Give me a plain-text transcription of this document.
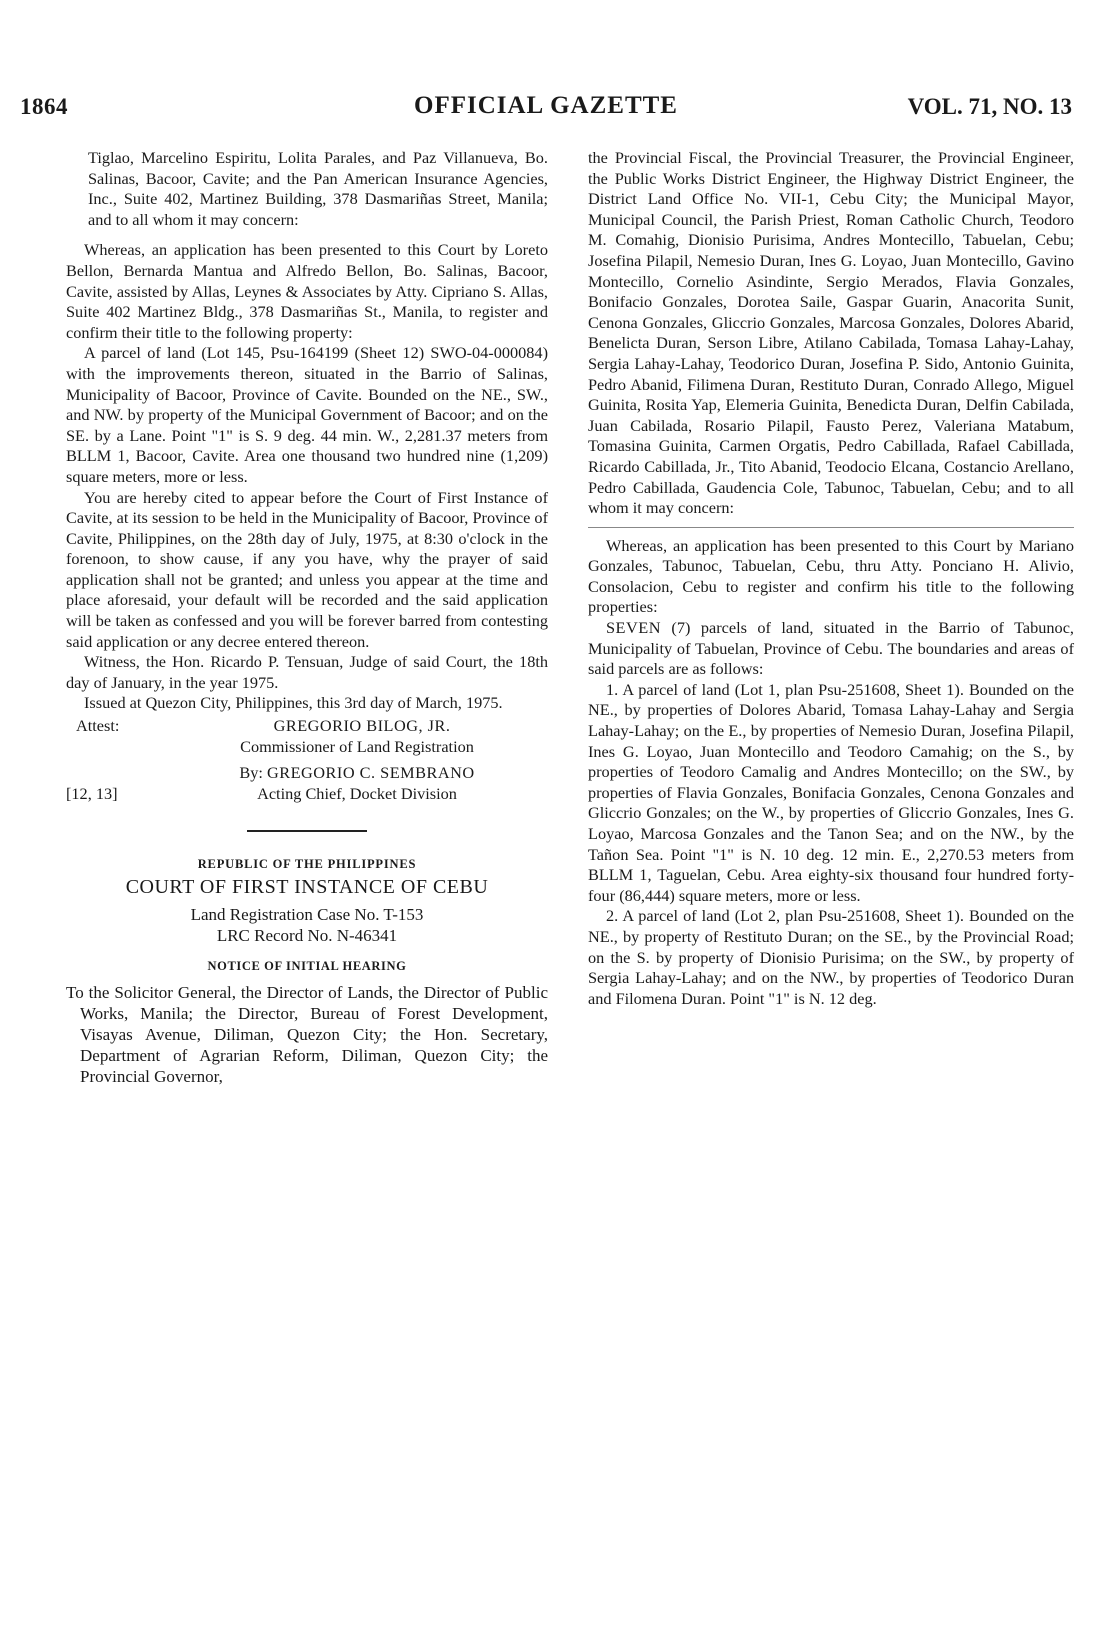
1864	OFFICIAL GAZETTE	VOL. 71, NO. 13

Tiglao, Marcelino Espiritu, Lolita Parales, and Paz Villanueva, Bo. Salinas, Bacoor, Cavite; and the Pan American Insurance Agencies, Inc., Suite 402, Martinez Building, 378 Dasmariñas Street, Manila; and to all whom it may concern:

Whereas, an application has been presented to this Court by Loreto Bellon, Bernarda Mantua and Alfredo Bellon, Bo. Salinas, Bacoor, Cavite, assisted by Allas, Leynes & Associates by Atty. Cipriano S. Allas, Suite 402 Martinez Bldg., 378 Dasmariñas St., Manila, to register and confirm their title to the following property:

A parcel of land (Lot 145, Psu-164199 (Sheet 12) SWO-04-000084) with the improvements thereon, situated in the Barrio of Salinas, Municipality of Bacoor, Province of Cavite. Bounded on the NE., SW., and NW. by property of the Municipal Government of Bacoor; and on the SE. by a Lane. Point "1" is S. 9 deg. 44 min. W., 2,281.37 meters from BLLM 1, Bacoor, Cavite. Area one thousand two hundred nine (1,209) square meters, more or less.

You are hereby cited to appear before the Court of First Instance of Cavite, at its session to be held in the Municipality of Bacoor, Province of Cavite, Philippines, on the 28th day of July, 1975, at 8:30 o'clock in the forenoon, to show cause, if any you have, why the prayer of said application shall not be granted; and unless you appear at the time and place aforesaid, your default will be recorded and the said application will be taken as confessed and you will be forever barred from contesting said application or any decree entered thereon.

Witness, the Hon. Ricardo P. Tensuan, Judge of said Court, the 18th day of January, in the year 1975.

Issued at Quezon City, Philippines, this 3rd day of March, 1975.

Attest:	GREGORIO BILOG, JR.
Commissioner of Land Registration
By: GREGORIO C. SEMBRANO
[12, 13]	Acting Chief, Docket Division
REPUBLIC OF THE PHILIPPINES
COURT OF FIRST INSTANCE OF CEBU
Land Registration Case No. T-153
LRC Record No. N-46341
NOTICE OF INITIAL HEARING

To the Solicitor General, the Director of Lands, the Director of Public Works, Manila; the Director, Bureau of Forest Development, Visayas Avenue, Diliman, Quezon City; the Hon. Secretary, Department of Agrarian Reform, Diliman, Quezon City; the Provincial Governor,

the Provincial Fiscal, the Provincial Treasurer, the Provincial Engineer, the Public Works District Engineer, the Highway District Engineer, the District Land Office No. VII-1, Cebu City; the Municipal Mayor, Municipal Council, the Parish Priest, Roman Catholic Church, Teodoro M. Comahig, Dionisio Purisima, Andres Montecillo, Tabuelan, Cebu; Josefina Pilapil, Nemesio Duran, Ines G. Loyao, Juan Montecillo, Gavino Montecillo, Cornelio Asindinte, Sergio Merados, Flavia Gonzales, Bonifacio Gonzales, Dorotea Saile, Gaspar Guarin, Anacorita Sunit, Cenona Gonzales, Gliccrio Gonzales, Marcosa Gonzales, Dolores Abarid, Benelicta Duran, Serson Libre, Atilano Cabilada, Tomasa Lahay-Lahay, Sergia Lahay-Lahay, Teodorico Duran, Josefina P. Sido, Antonio Guinita, Pedro Abanid, Filimena Duran, Restituto Duran, Conrado Allego, Miguel Guinita, Rosita Yap, Elemeria Guinita, Benedicta Duran, Delfin Cabilada, Juan Cabilada, Rosario Pilapil, Fausto Perez, Valeriana Matabum, Tomasina Guinita, Carmen Orgatis, Pedro Cabillada, Rafael Cabillada, Ricardo Cabillada, Jr., Tito Abanid, Teodocio Elcana, Costancio Arellano, Pedro Cabillada, Gaudencia Cole, Tabunoc, Tabuelan, Cebu; and to all whom it may concern:

Whereas, an application has been presented to this Court by Mariano Gonzales, Tabunoc, Tabuelan, Cebu, thru Atty. Ponciano H. Alivio, Consolacion, Cebu to register and confirm his title to the following properties:

SEVEN (7) parcels of land, situated in the Barrio of Tabunoc, Municipality of Tabuelan, Province of Cebu. The boundaries and areas of said parcels are as follows:

1. A parcel of land (Lot 1, plan Psu-251608, Sheet 1). Bounded on the NE., by properties of Dolores Abarid, Tomasa Lahay-Lahay and Sergia Lahay-Lahay; on the E., by properties of Nemesio Duran, Josefina Pilapil, Ines G. Loyao, Juan Montecillo and Teodoro Camahig; on the S., by properties of Teodoro Camalig and Andres Montecillo; on the SW., by properties of Flavia Gonzales, Bonifacia Gonzales, Cenona Gonzales and Gliccrio Gonzales; on the W., by properties of Gliccrio Gonzales, Ines G. Loyao, Marcosa Gonzales and the Tanon Sea; and on the NW., by the Tañon Sea. Point "1" is N. 10 deg. 12 min. E., 2,270.53 meters from BLLM 1, Taguelan, Cebu. Area eighty-six thousand four hundred forty-four (86,444) square meters, more or less.

2. A parcel of land (Lot 2, plan Psu-251608, Sheet 1). Bounded on the NE., by property of Restituto Duran; on the SE., by the Provincial Road; on the S. by property of Dionisio Purisima; on the SW., by property of Sergia Lahay-Lahay; and on the NW., by properties of Teodorico Duran and Filomena Duran. Point "1" is N. 12 deg.
